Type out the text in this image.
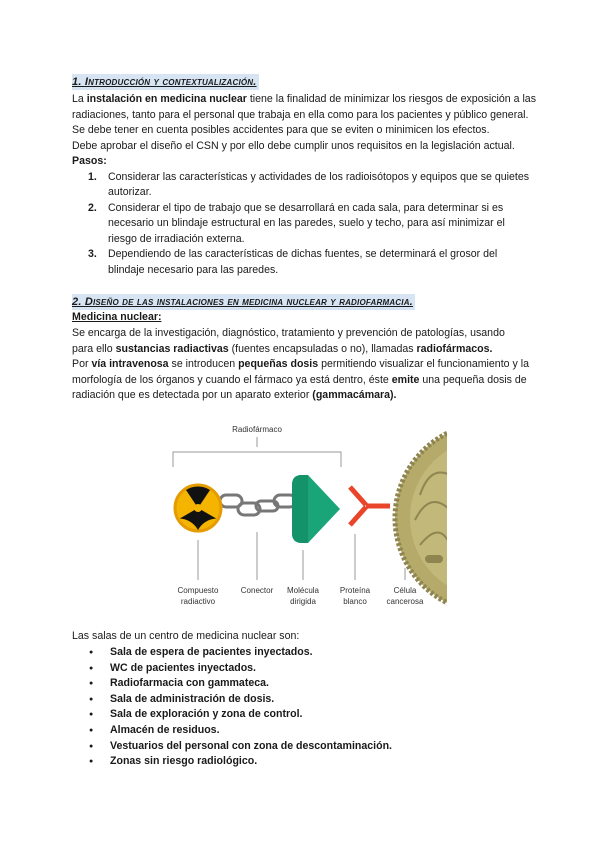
1. Introducción y contextualización.
La instalación en medicina nuclear tiene la finalidad de minimizar los riesgos de exposición a las
radiaciones, tanto para el personal que trabaja en ella como para los pacientes y público general.
Se debe tener en cuenta posibles accidentes para que se eviten o minimicen los efectos.
Debe aprobar el diseño el CSN y por ello debe cumplir unos requisitos en la legislación actual.
Pasos:
1. Considerar las características y actividades de los radioisótopos y equipos que se quietes
autorizar.
2. Considerar el tipo de trabajo que se desarrollará en cada sala, para determinar si es
necesario un blindaje estructural en las paredes, suelo y techo, para así minimizar el
riesgo de irradiación externa.
3. Dependiendo de las características de dichas fuentes, se determinará el grosor del
blindaje necesario para las paredes.
2. Diseño de las instalaciones en medicina nuclear y radiofarmacia.
Medicina nuclear:
Se encarga de la investigación, diagnóstico, tratamiento y prevención de patologías, usando
para ello sustancias radiactivas (fuentes encapsuladas o no), llamadas radiofármacos.
Por vía intravenosa se introducen pequeñas dosis permitiendo visualizar el funcionamiento y la
morfología de los órganos y cuando el fármaco ya está dentro, éste emite una pequeña dosis de
radiación que es detectada por un aparato exterior (gammacámara).
Radiofármaco
Compuesto
radiactivo
Conector Molécula
dirigida
Proteína
blanco
Célula
cancerosa
Las salas de un centro de medicina nuclear son:
● Sala de espera de pacientes inyectados.
● WC de pacientes inyectados.
● Radiofarmacia con gammateca.
● Sala de administración de dosis.
● Sala de exploración y zona de control.
● Almacén de residuos.
● Vestuarios del personal con zona de descontaminación.
● Zonas sin riesgo radiológico.
